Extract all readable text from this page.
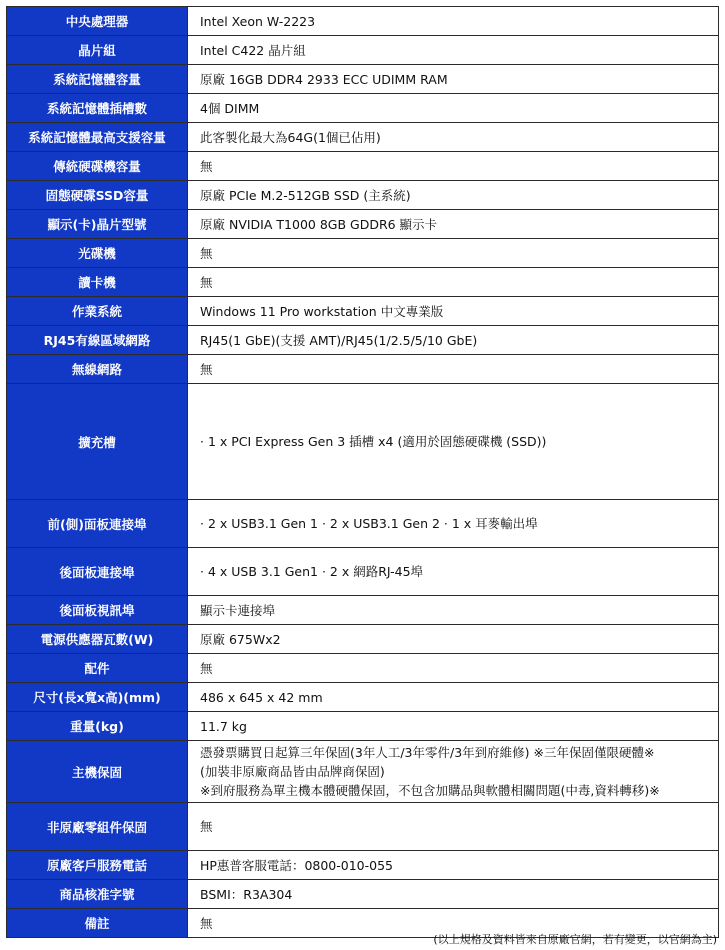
中央處理器	Intel Xeon W-2223

晶片組	Intel C422 晶片組

系統記憶體容量	原廠 16GB DDR4 2933 ECC UDIMM RAM

系統記憶體插槽數	4個 DIMM

系統記憶體最高支援容量	此客製化最大為64G(1個已佔用)

傳統硬碟機容量	無

固態硬碟SSD容量	原廠 PCIe M.2-512GB SSD (主系統)

顯示(卡)晶片型號	原廠 NVIDIA T1000 8GB GDDR6 顯示卡

光碟機	無

讀卡機	無

作業系統	Windows 11 Pro workstation 中文專業版

RJ45有線區域網路	RJ45(1 GbE)(支援 AMT)/RJ45(1/2.5/5/10 GbE)

無線網路	無

擴充槽	· 1 x PCI Express Gen 3 插槽 x4 (適用於固態硬碟機 (SSD))

前(側)面板連接埠	· 2 x USB3.1 Gen 1 · 2 x USB3.1 Gen 2 · 1 x 耳麥輸出埠

後面板連接埠	· 4 x USB 3.1 Gen1 · 2 x 網路RJ-45埠

後面板視訊埠	顯示卡連接埠

電源供應器瓦數(W)	原廠 675Wx2

配件	無

尺寸(長x寬x高)(mm)	486 x 645 x 42 mm

重量(kg)	11.7 kg

主機保固	憑發票購買日起算三年保固(3年人工/3年零件/3年到府維修) ※三年保固僅限硬體※
(加裝非原廠商品皆由品牌商保固)
※到府服務為單主機本體硬體保固，不包含加購品與軟體相關問題(中毒,資料轉移)※

非原廠零組件保固	無

原廠客戶服務電話	HP惠普客服電話：0800-010-055

商品核准字號	BSMI：R3A304

備註	無
(以上規格及資料皆來自原廠官網，若有變更，以官網為主)
